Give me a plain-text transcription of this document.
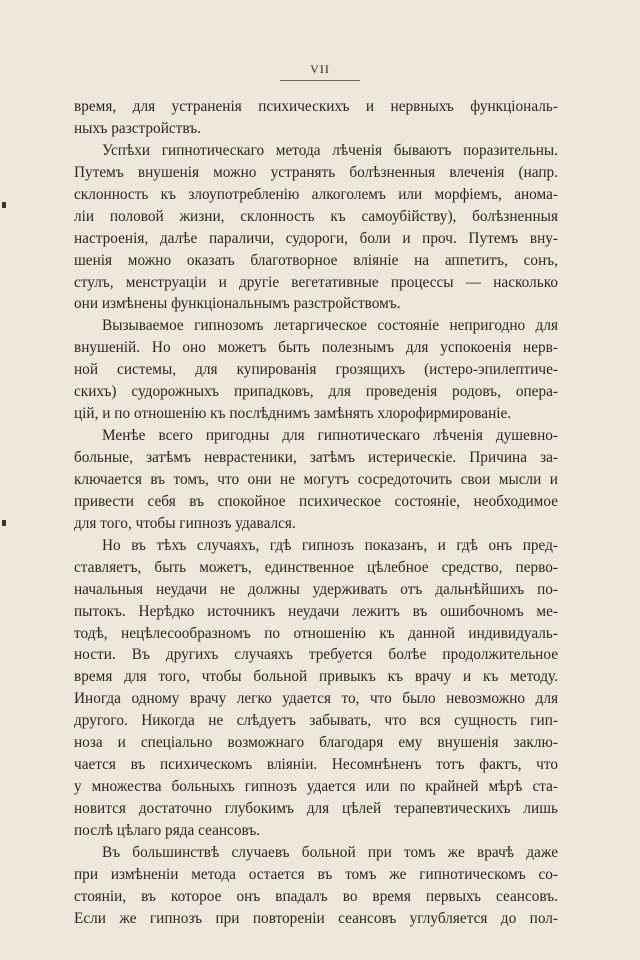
VII
время, для устраненія психическихъ и нервныхъ функціональ-
ныхъ разстройствъ.
Успѣхи гипнотическаго метода лѣченія бываютъ поразительны.
Путемъ внушенія можно устранять болѣзненныя влеченія (напр.
склонность къ злоупотребленію алкоголемъ или морфіемъ, анома-
ліи половой жизни, склонность къ самоубійству), болѣзненныя
настроенія, далѣе параличи, судороги, боли и проч. Путемъ вну-
шенія можно оказать благотворное вліяніе на аппетитъ, сонъ,
стулъ, менструаціи и другіе вегетативные процессы — насколько
они измѣнены функціональнымъ разстройствомъ.
Вызываемое гипнозомъ летаргическое состояніе непригодно для
внушеній. Но оно можетъ быть полезнымъ для успокоенія нерв-
ной системы, для купированія грозящихъ (истеро-эпилептиче-
скихъ) судорожныхъ припадковъ, для проведенія родовъ, опера-
цій, и по отношенію къ послѣднимъ замѣнять хлорофирмированіе.
Менѣе всего пригодны для гипнотическаго лѣченія душевно-
больные, затѣмъ неврастеники, затѣмъ истерическіе. Причина за-
ключается въ томъ, что они не могутъ сосредоточить свои мысли и
привести себя въ спокойное психическое состояніе, необходимое
для того, чтобы гипнозъ удавался.
Но въ тѣхъ случаяхъ, гдѣ гипнозъ показанъ, и гдѣ онъ пред-
ставляетъ, быть можетъ, единственное цѣлебное средство, перво-
начальныя неудачи не должны удерживать отъ дальнѣйшихъ по-
пытокъ. Нерѣдко источникъ неудачи лежитъ въ ошибочномъ ме-
тодѣ, нецѣлесообразномъ по отношенію къ данной индивидуаль-
ности. Въ другихъ случаяхъ требуется болѣе продолжительное
время для того, чтобы больной привыкъ къ врачу и къ методу.
Иногда одному врачу легко удается то, что было невозможно для
другого. Никогда не слѣдуетъ забывать, что вся сущность гип-
ноза и спеціально возможнаго благодаря ему внушенія заклю-
чается въ психическомъ вліяніи. Несомнѣненъ тотъ фактъ, что
у множества больныхъ гипнозъ удается или по крайней мѣрѣ ста-
новится достаточно глубокимъ для цѣлей терапевтическихъ лишь
послѣ цѣлаго ряда сеансовъ.
Въ большинствѣ случаевъ больной при томъ же врачѣ даже
при измѣненіи метода остается въ томъ же гипнотическомъ со-
стояніи, въ которое онъ впадалъ во время первыхъ сеансовъ.
Если же гипнозъ при повтореніи сеансовъ углубляется до пол-
